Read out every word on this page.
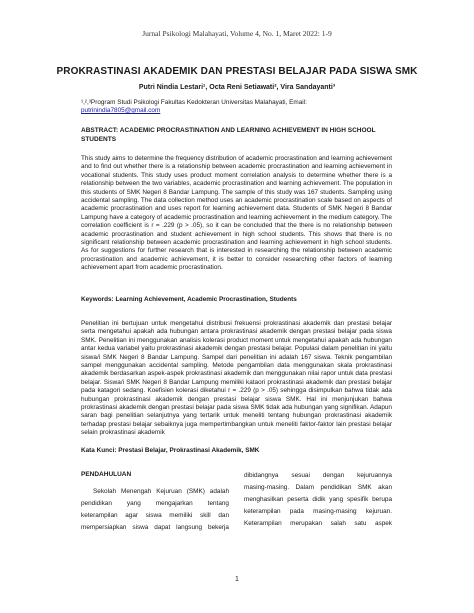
Jurnal Psikologi Malahayati, Volume 4, No. 1, Maret 2022: 1-9
PROKRASTINASI AKADEMIK DAN PRESTASI BELAJAR PADA SISWA SMK
Putri Nindia Lestari¹, Octa Reni Setiawati², Vira Sandayanti³
¹,²,³Program Studi Psikologi Fakultas Kedokteran Universitas Malahayati, Email:
putrinindia7805@gmail.com
ABSTRACT: ACADEMIC PROCRASTINATION AND LEARNING ACHIEVEMENT IN HIGH SCHOOL STUDENTS

This study aims to determine the frequency distribution of academic procrastination and learning achievement and to find out whether there is a relationship between academic procrastination and learning achievement in vocational students. This study uses product moment correlation analysis to determine whether there is a relationship between the two variables, academic procrastination and learning achievement. The population in this students of SMK Negeri 8 Bandar Lampung. The sample of this study was 167 students. Sampling using accidental sampling. The data collection method uses an academic procrastination scale based on aspects of academic procrastination and uses report for learning achievement data. Students of SMK Negeri 8 Bandar Lampung have a category of academic procrastination and learning achievement in the medium category. The correlation coefficient is r = .229 (p > .05), so it can be concluded that the there is no relationship between academic procrastination and student achievement in high school students. This shows that there is no significant relationship between academic procrastination and learning achievement in high school students. As for suggestions for further research that is interested in researching the relationship between academic procrastination and academic achievement, it is better to consider researching other factors of learning achievement apart from academic procrastination.

Keywords: Learning Achievement, Academic Procrastination, Students

Penelitian ini bertujuan untuk mengetahui distribusi frekuensi prokrastinasi akademik dan prestasi belajar serta mengetahui apakah ada hubungan antara prokrastinasi akademik dengan prestasi belajar pada siswa SMK. Penelitian ini menggunakan analisis kolerasi product moment untuk mengetahui apakah ada hubungan antar kedua variabel yaitu prokrastinasi akademik dengan prestasi belajar. Populasi dalam penelitian ini yaitu siswa/i SMK Negeri 8 Bandar Lampung. Sampel dari penelitian ini adalah 167 siswa. Teknik pengambilan sampel menggunakan accidental sampling. Metode pengambilan data menggunakan skala prokrastinasi akademik berdasarkan aspek-aspek prokrastinasi akademik dan menggunakan nilai rapor untuk data prestasi belajar. Siswa/i SMK Negeri 8 Bandar Lampung memiliki kataori prokrastinasi akademik dan prestasi belajar pada katagori sedang. Koefisien kolerasi diketahui r = .229 (p > .05) sehingga disimpulkan bahwa tidak ada hubungan prokrastinasi akademik dengan prestasi belajar siswa SMK. Hal ini menjunjukan bahwa prokrastinasi akademik dengan prestasi belajar pada siswa SMK tidak ada hubungan yang signifikan. Adapun saran bagi penelitian selanjutnya yang tertarik untuk meneliti tentang hubungan prokrastinasi akademik terhadap prestasi belajar sebaiknya juga mempertimbangkan untuk meneliti faktor-faktor lain prestasi belajar selain prokrastinasi akademik

Kata Kunci: Prestasi Belajar, Prokrastinasi Akademik, SMK
PENDAHULUAN

Sekolah Menengah Kejuruan (SMK) adalah

pendidikan yang mengajarkan tentang

keterampilan agar siswa memiliki skill dan

mempersiapkan siswa dapat langsung bekerja

dibidangnya sesuai dengan kejuruannya

masing-masing. Dalam pendidikan SMK akan

menghasilkan peserta didik yang spesifik berupa

keterampilan pada masing-masing kejuruan.

Keterampilan merupakan salah satu aspek

1
